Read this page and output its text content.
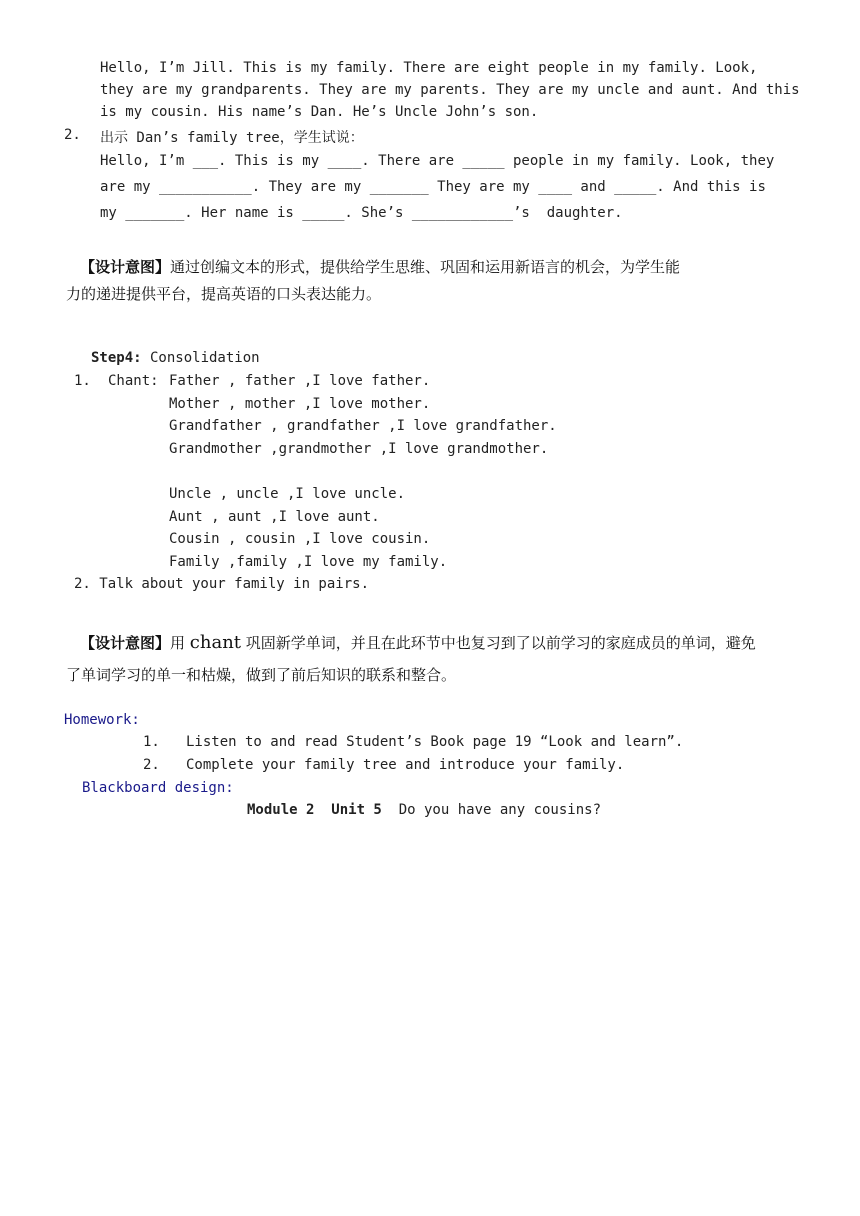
Hello, I’m Jill. This is my family. There are eight people in my family. Look,
they are my grandparents. They are my parents. They are my uncle and aunt. And this
is my cousin. His name’s Dan. He’s Uncle John’s son.
2. 出示 Dan’s family tree，学生试说：
Hello, I’m ___. This is my ____. There are _____ people in my family. Look, they
are my ___________. They are my _______ They are my ____ and _____. And this is
my _______. Her name is _____. She’s ____________’s  daughter.
【设计意图】通过创编文本的形式，提供给学生思维、巩固和运用新语言的机会，为学生能
力的递进提供平台，提高英语的口头表达能力。
Step4: Consolidation
1. Chant: Father , father ,I love father.
Mother , mother ,I love mother.
Grandfather , grandfather ,I love grandfather.
Grandmother ,grandmother ,I love grandmother.
Uncle , uncle ,I love uncle.
Aunt , aunt ,I love aunt.
Cousin , cousin ,I love cousin.
Family ,family ,I love my family.
2. Talk about your family in pairs.
【设计意图】用 chant 巩固新学单词，并且在此环节中也复习到了以前学习的家庭成员的单词，避免
了单词学习的单一和枯燥，做到了前后知识的联系和整合。
Homework:
1. Listen to and read Student’s Book page 19 “Look and learn”.
2. Complete your family tree and introduce your family.
Blackboard design:
Module 2  Unit 5  Do you have any cousins?
